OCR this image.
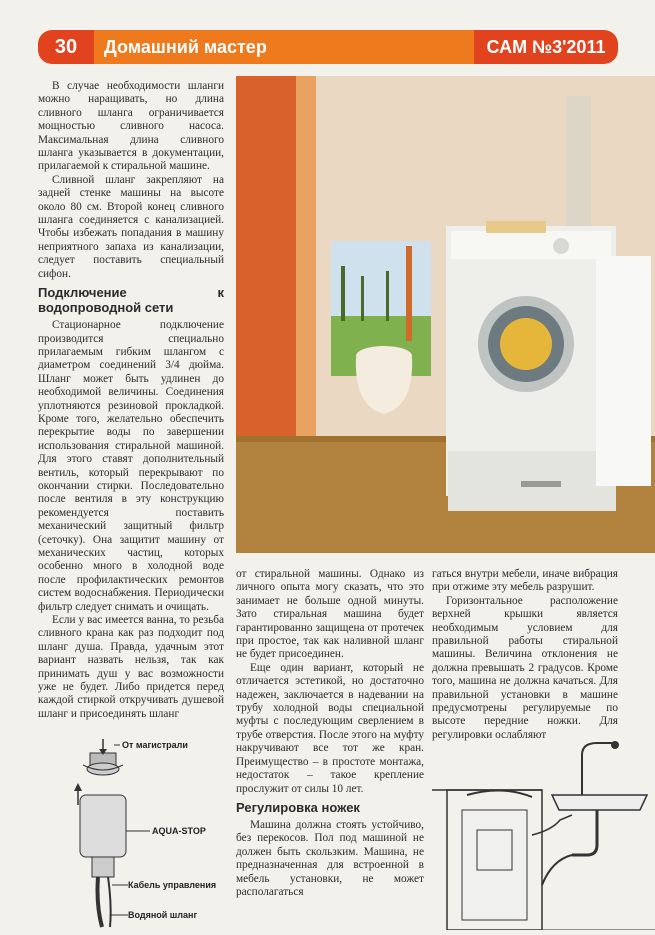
30	Домашний мастер	САМ №3'2011

В случае необходимости шланги можно наращивать, но длина сливного шланга ограничивается мощностью сливного насоса. Максимальная длина сливного шланга указывается в документации, прилагаемой к стиральной машине.

Сливной шланг закрепляют на задней стенке машины на высоте около 80 см. Второй конец сливного шланга соединяется с канализацией. Чтобы избежать попадания в машину неприятного запаха из канализации, следует поставить специальный сифон.

Подключение к водопроводной сети

Стационарное подключение производится специально прилагаемым гибким шлангом с диаметром соединений 3/4 дюйма. Шланг может быть удлинен до необходимой величины. Соединения уплотняются резиновой прокладкой. Кроме того, желательно обеспечить перекрытие воды по завершении использования стиральной машиной. Для этого ставят дополнительный вентиль, который перекрывают по окончании стирки. Последовательно после вентиля в эту конструкцию рекомендуется поставить механический защитный фильтр (сеточку). Она защитит машину от механических частиц, которых особенно много в холодной воде после профилактических ремонтов систем водоснабжения. Периодически фильтр следует снимать и очищать.

Если у вас имеется ванна, то резьба сливного крана как раз подходит под шланг душа. Правда, удачным этот вариант назвать нельзя, так как принимать душ у вас возможности уже не будет. Либо придется перед каждой стиркой откручивать душевой шланг и присоединять шланг

от стиральной машины. Однако из личного опыта могу сказать, что это занимает не больше одной минуты. Зато стиральная машина будет гарантированно защищена от протечек при простое, так как наливной шланг не будет присоединен.

Еще один вариант, который не отличается эстетикой, но достаточно надежен, заключается в надевании на трубу холодной воды специальной муфты с последующим сверлением в трубе отверстия. После этого на муфту накручивают все тот же кран. Преимущество – в простоте монтажа, недостаток – такое крепление прослужит от силы 10 лет.

Регулировка ножек

Машина должна стоять устойчиво, без перекосов. Пол под машиной не должен быть скользким. Машина, не предназначенная для встроенной в мебель установки, не может располагаться

гаться внутри мебели, иначе вибрация при отжиме эту мебель разрушит.

Горизонтальное расположение верхней крышки является необходимым условием для правильной работы стиральной машины. Величина отклонения не должна превышать 2 градусов. Кроме того, машина не должна качаться. Для правильной установки в машине предусмотрены регулируемые по высоте передние ножки. Для регулировки ослабляют

От магистрали
AQUA-STOP
Кабель управления
Водяной шланг
